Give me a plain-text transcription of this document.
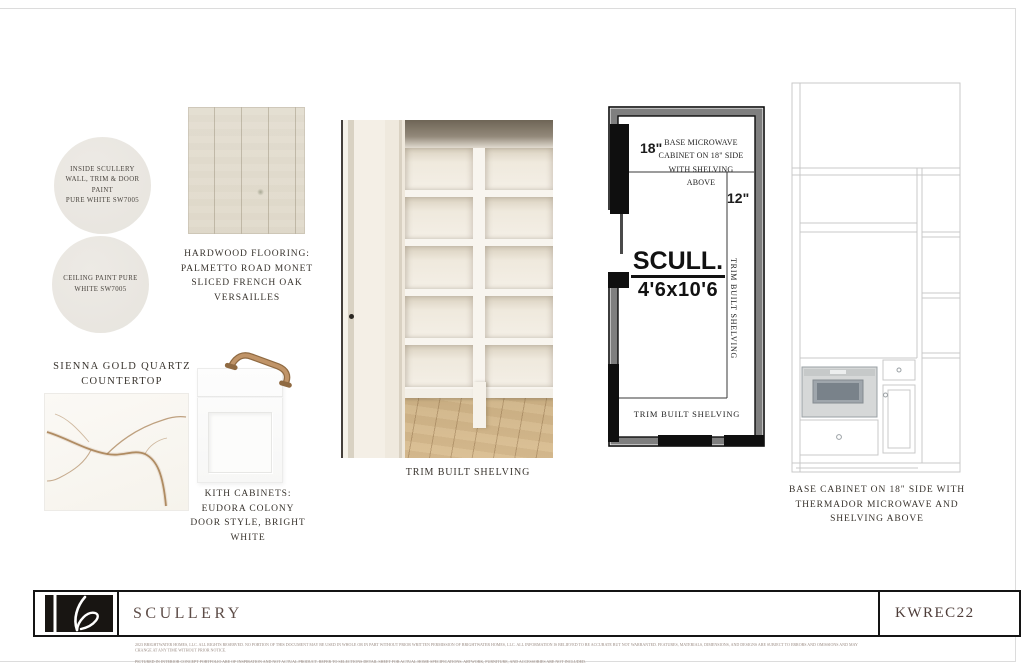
INSIDE SCULLERY
WALL, TRIM & DOOR
PAINT
PURE WHITE SW7005
CEILING PAINT PURE
WHITE SW7005
HARDWOOD FLOORING:
PALMETTO ROAD MONET
SLICED FRENCH OAK
VERSAILLES
SIENNA GOLD QUARTZ
COUNTERTOP
KITH CABINETS:
EUDORA COLONY
DOOR STYLE, BRIGHT
WHITE
TRIM BUILT SHELVING
18" BASE MICROWAVE
CABINET ON 18" SIDE
WITH SHELVING
ABOVE
12"
TRIM BUILT SHELVING
SCULL.
4'6x10'6
TRIM BUILT SHELVING
BASE CABINET ON 18" SIDE WITH
THERMADOR MICROWAVE AND
SHELVING ABOVE
SCULLERY	KWREC22
2023 BRIGHTWATER HOMES, LLC. ALL RIGHTS RESERVED. NO PORTION OF THIS DOCUMENT MAY BE USED IN WHOLE OR IN PART WITHOUT PRIOR WRITTEN PERMISSION OF BRIGHTWATER HOMES, LLC. ALL INFORMATION IS BELIEVED TO BE ACCURATE BUT NOT WARRANTED. FEATURES, MATERIALS, DIMENSIONS, AND DESIGNS ARE SUBJECT TO ERRORS AND OMISSIONS AND MAY CHANGE AT ANY TIME WITHOUT PRIOR NOTICE.
PICTURED IN INTERIOR CONCEPT PORTFOLIO ARE OF INSPIRATION AND NOT ACTUAL PRODUCT. REFER TO SELECTIONS DETAIL SHEET FOR ACTUAL HOME SPECIFICATIONS. ARTWORK, FURNITURE, AND ACCESSORIES ARE NOT INCLUDED.
